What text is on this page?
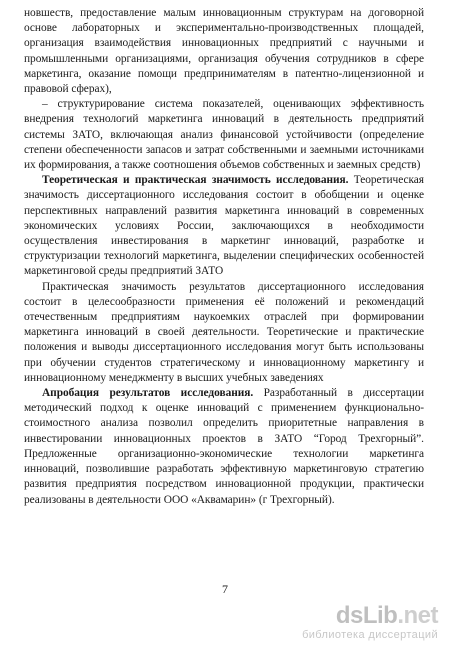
новшеств, предоставление малым инновационным структурам на договорной основе лабораторных и экспериментально-производственных площадей, организация взаимодействия инновационных предприятий с научными и промышленными организациями, организация обучения сотрудников в сфере маркетинга, оказание помощи предпринимателям в патентно-лицензионной и правовой сферах),

– структурирование система показателей, оценивающих эффективность внедрения технологий маркетинга инноваций в деятельность предприятий системы ЗАТО, включающая анализ финансовой устойчивости (определение степени обеспеченности запасов и затрат собственными и заемными источниками их формирования, а также соотношения объемов собственных и заемных средств)

Теоретическая и практическая значимость исследования. Теоретическая значимость диссертационного исследования состоит в обобщении и оценке перспективных направлений развития маркетинга инноваций в современных экономических условиях России, заключающихся в необходимости осуществления инвестирования в маркетинг инноваций, разработке и структуризации технологий маркетинга, выделении специфических особенностей маркетинговой среды предприятий ЗАТО

Практическая значимость результатов диссертационного исследования состоит в целесообразности применения её положений и рекомендаций отечественным предприятиям наукоемких отраслей при формировании маркетинга инноваций в своей деятельности. Теоретические и практические положения и выводы диссертационного исследования могут быть использованы при обучении студентов стратегическому и инновационному маркетингу и инновационному менеджменту в высших учебных заведениях

Апробация результатов исследования. Разработанный в диссертации методический подход к оценке инноваций с применением функционально-стоимостного анализа позволил определить приоритетные направления в инвестировании инновационных проектов в ЗАТО “Город Трехгорный”. Предложенные организационно-экономические технологии маркетинга инноваций, позволившие разработать эффективную маркетинговую стратегию развития предприятия посредством инновационной продукции, практически реализованы в деятельности ООО «Аквамарин» (г Трехгорный).

7
dsLib.net
библиотека диссертаций
